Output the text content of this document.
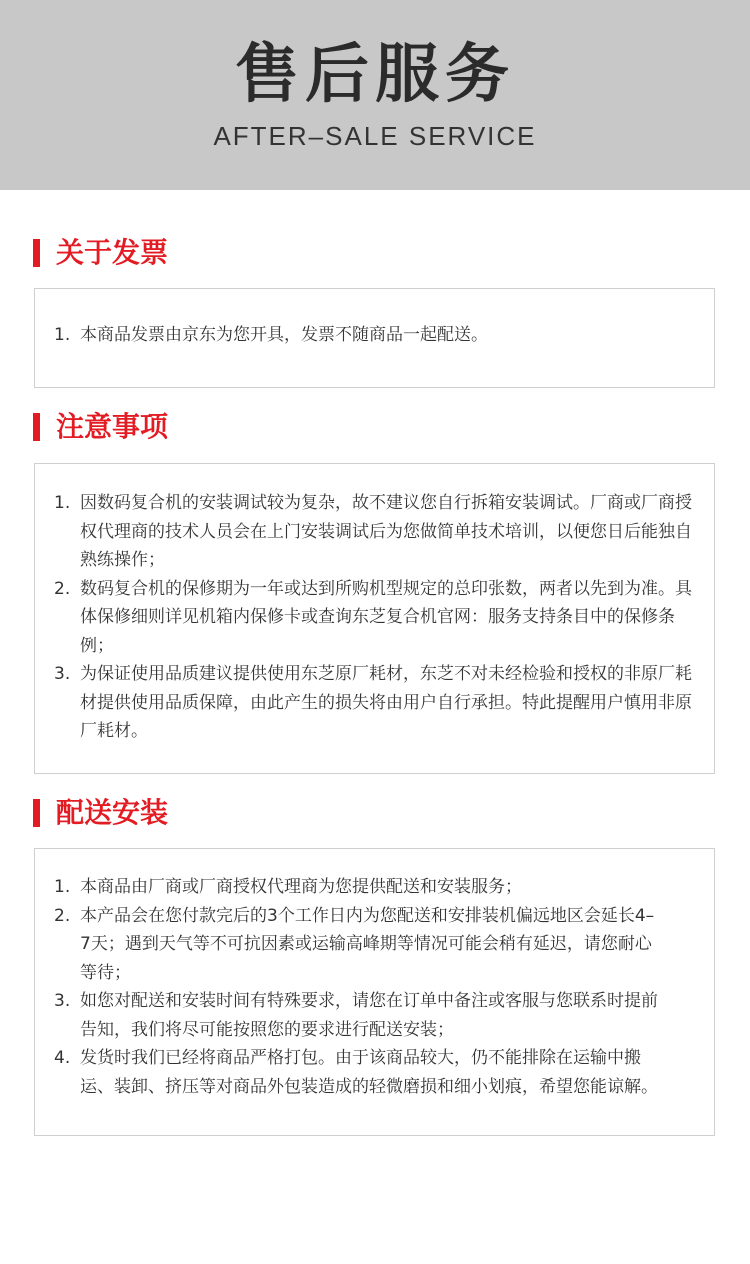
售后服务
AFTER–SALE SERVICE
关于发票
1. 本商品发票由京东为您开具，发票不随商品一起配送。
注意事项
1. 因数码复合机的安装调试较为复杂，故不建议您自行拆箱安装调试。厂商或厂商授权代理商的技术人员会在上门安装调试后为您做简单技术培训，以便您日后能独自熟练操作；
2. 数码复合机的保修期为一年或达到所购机型规定的总印张数，两者以先到为准。具体保修细则详见机箱内保修卡或查询东芝复合机官网：服务支持条目中的保修条例；
3. 为保证使用品质建议提供使用东芝原厂耗材，东芝不对未经检验和授权的非原厂耗材提供使用品质保障，由此产生的损失将由用户自行承担。特此提醒用户慎用非原厂耗材。
配送安装
1. 本商品由厂商或厂商授权代理商为您提供配送和安装服务；
2. 本产品会在您付款完后的3个工作日内为您配送和安排装机偏远地区会延长4–7天；遇到天气等不可抗因素或运输高峰期等情况可能会稍有延迟，请您耐心等待；
3. 如您对配送和安装时间有特殊要求，请您在订单中备注或客服与您联系时提前告知，我们将尽可能按照您的要求进行配送安装；
4. 发货时我们已经将商品严格打包。由于该商品较大，仍不能排除在运输中搬运、装卸、挤压等对商品外包装造成的轻微磨损和细小划痕，希望您能谅解。
